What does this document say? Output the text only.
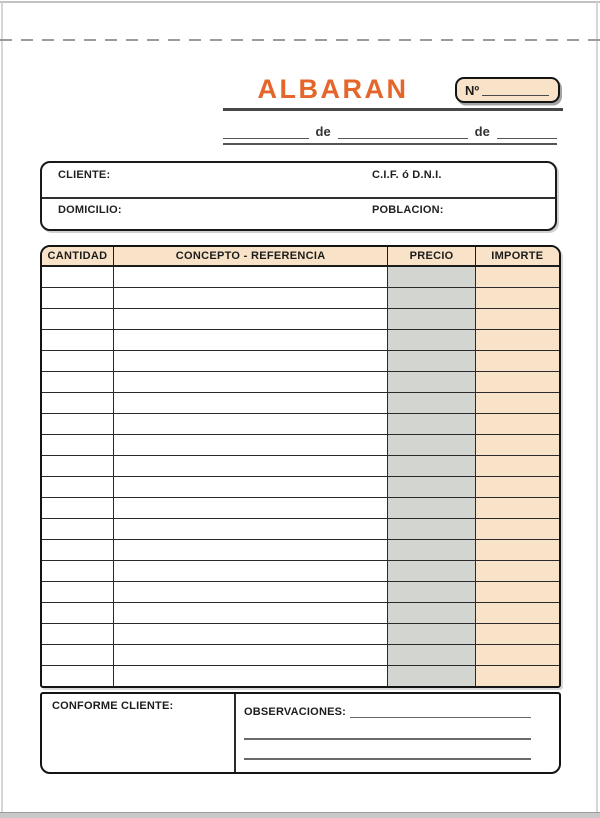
ALBARAN	Nº
de	de
CLIENTE:	C.I.F. ó D.N.I.
DOMICILIO:	POBLACION:
CANTIDAD	CONCEPTO - REFERENCIA	PRECIO	IMPORTE
CONFORME CLIENTE:	OBSERVACIONES:
